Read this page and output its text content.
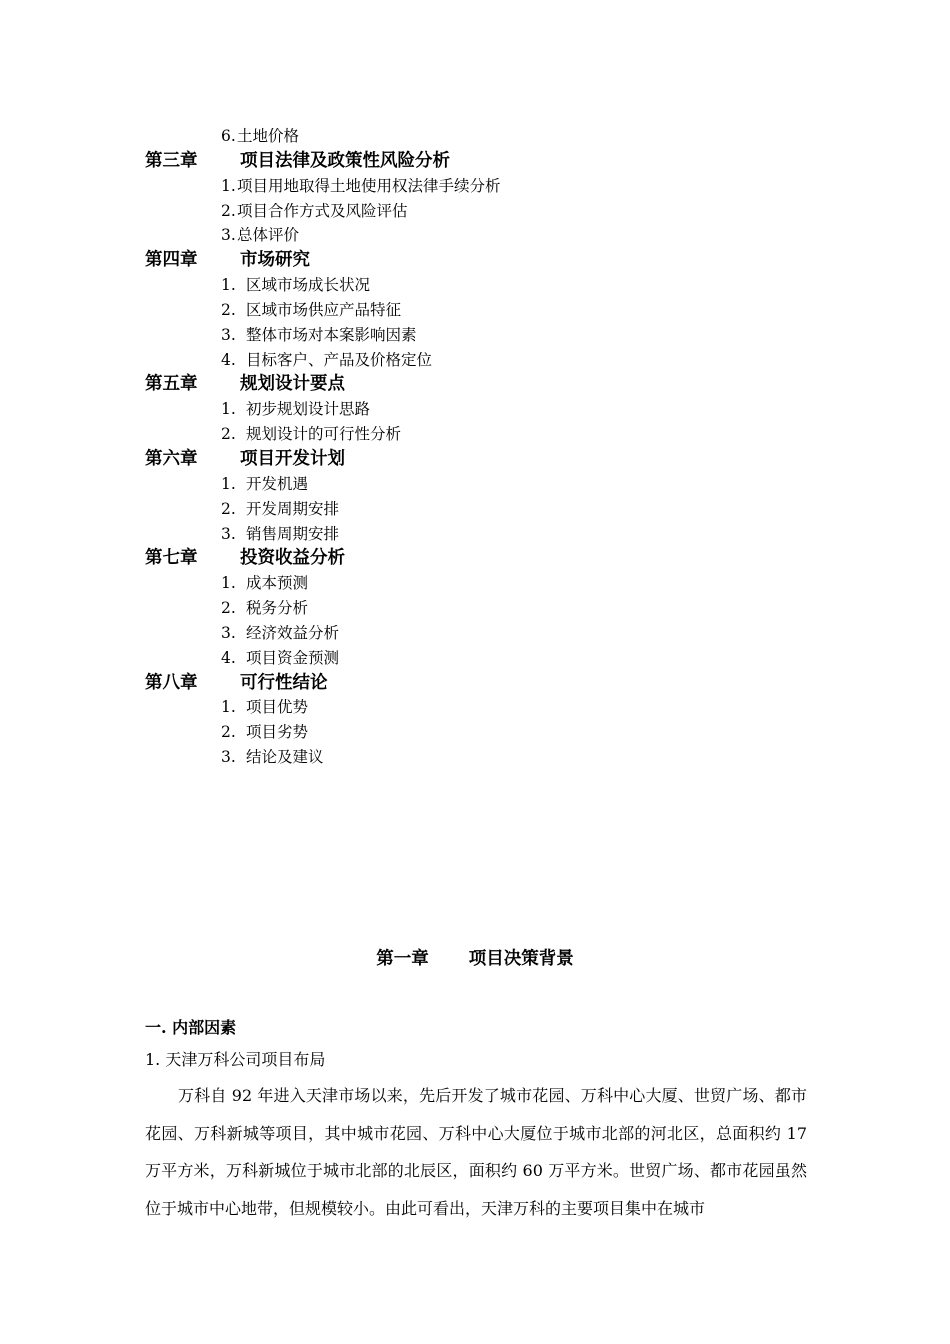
6. 土地价格
第三章 项目法律及政策性风险分析
1. 项目用地取得土地使用权法律手续分析
2. 项目合作方式及风险评估
3. 总体评价
第四章 市场研究
1. 区域市场成长状况
2. 区域市场供应产品特征
3. 整体市场对本案影响因素
4. 目标客户、产品及价格定位
第五章 规划设计要点
1. 初步规划设计思路
2. 规划设计的可行性分析
第六章 项目开发计划
1. 开发机遇
2. 开发周期安排
3. 销售周期安排
第七章 投资收益分析
1. 成本预测
2. 税务分析
3. 经济效益分析
4. 项目资金预测
第八章 可行性结论
1. 项目优势
2. 项目劣势
3. 结论及建议
第一章 项目决策背景
一. 内部因素
1. 天津万科公司项目布局
万科自 92 年进入天津市场以来，先后开发了城市花园、万科中心大厦、世贸广场、都市花园、万科新城等项目，其中城市花园、万科中心大厦位于城市北部的河北区，总面积约 17 万平方米，万科新城位于城市北部的北辰区，面积约 60 万平方米。世贸广场、都市花园虽然位于城市中心地带，但规模较小。由此可看出，天津万科的主要项目集中在城市
